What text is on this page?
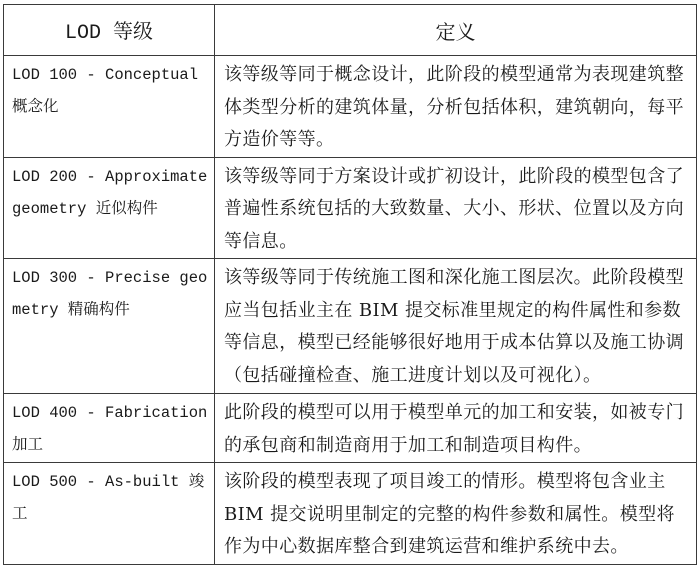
LOD 等级	定义
LOD 100 - Conceptual 概念化	该等级等同于概念设计，此阶段的模型通常为表现建筑整体类型分析的建筑体量，分析包括体积，建筑朝向，每平方造价等等。
LOD 200 - Approximate geometry 近似构件	该等级等同于方案设计或扩初设计，此阶段的模型包含了普遍性系统包括的大致数量、大小、形状、位置以及方向等信息。
LOD 300 - Precise geometry 精确构件	该等级等同于传统施工图和深化施工图层次。此阶段模型应当包括业主在 BIM 提交标准里规定的构件属性和参数等信息，模型已经能够很好地用于成本估算以及施工协调（包括碰撞检查、施工进度计划以及可视化）。
LOD 400 - Fabrication 加工	此阶段的模型可以用于模型单元的加工和安装，如被专门的承包商和制造商用于加工和制造项目构件。
LOD 500 - As-built 竣工	该阶段的模型表现了项目竣工的情形。模型将包含业主BIM 提交说明里制定的完整的构件参数和属性。模型将作为中心数据库整合到建筑运营和维护系统中去。
